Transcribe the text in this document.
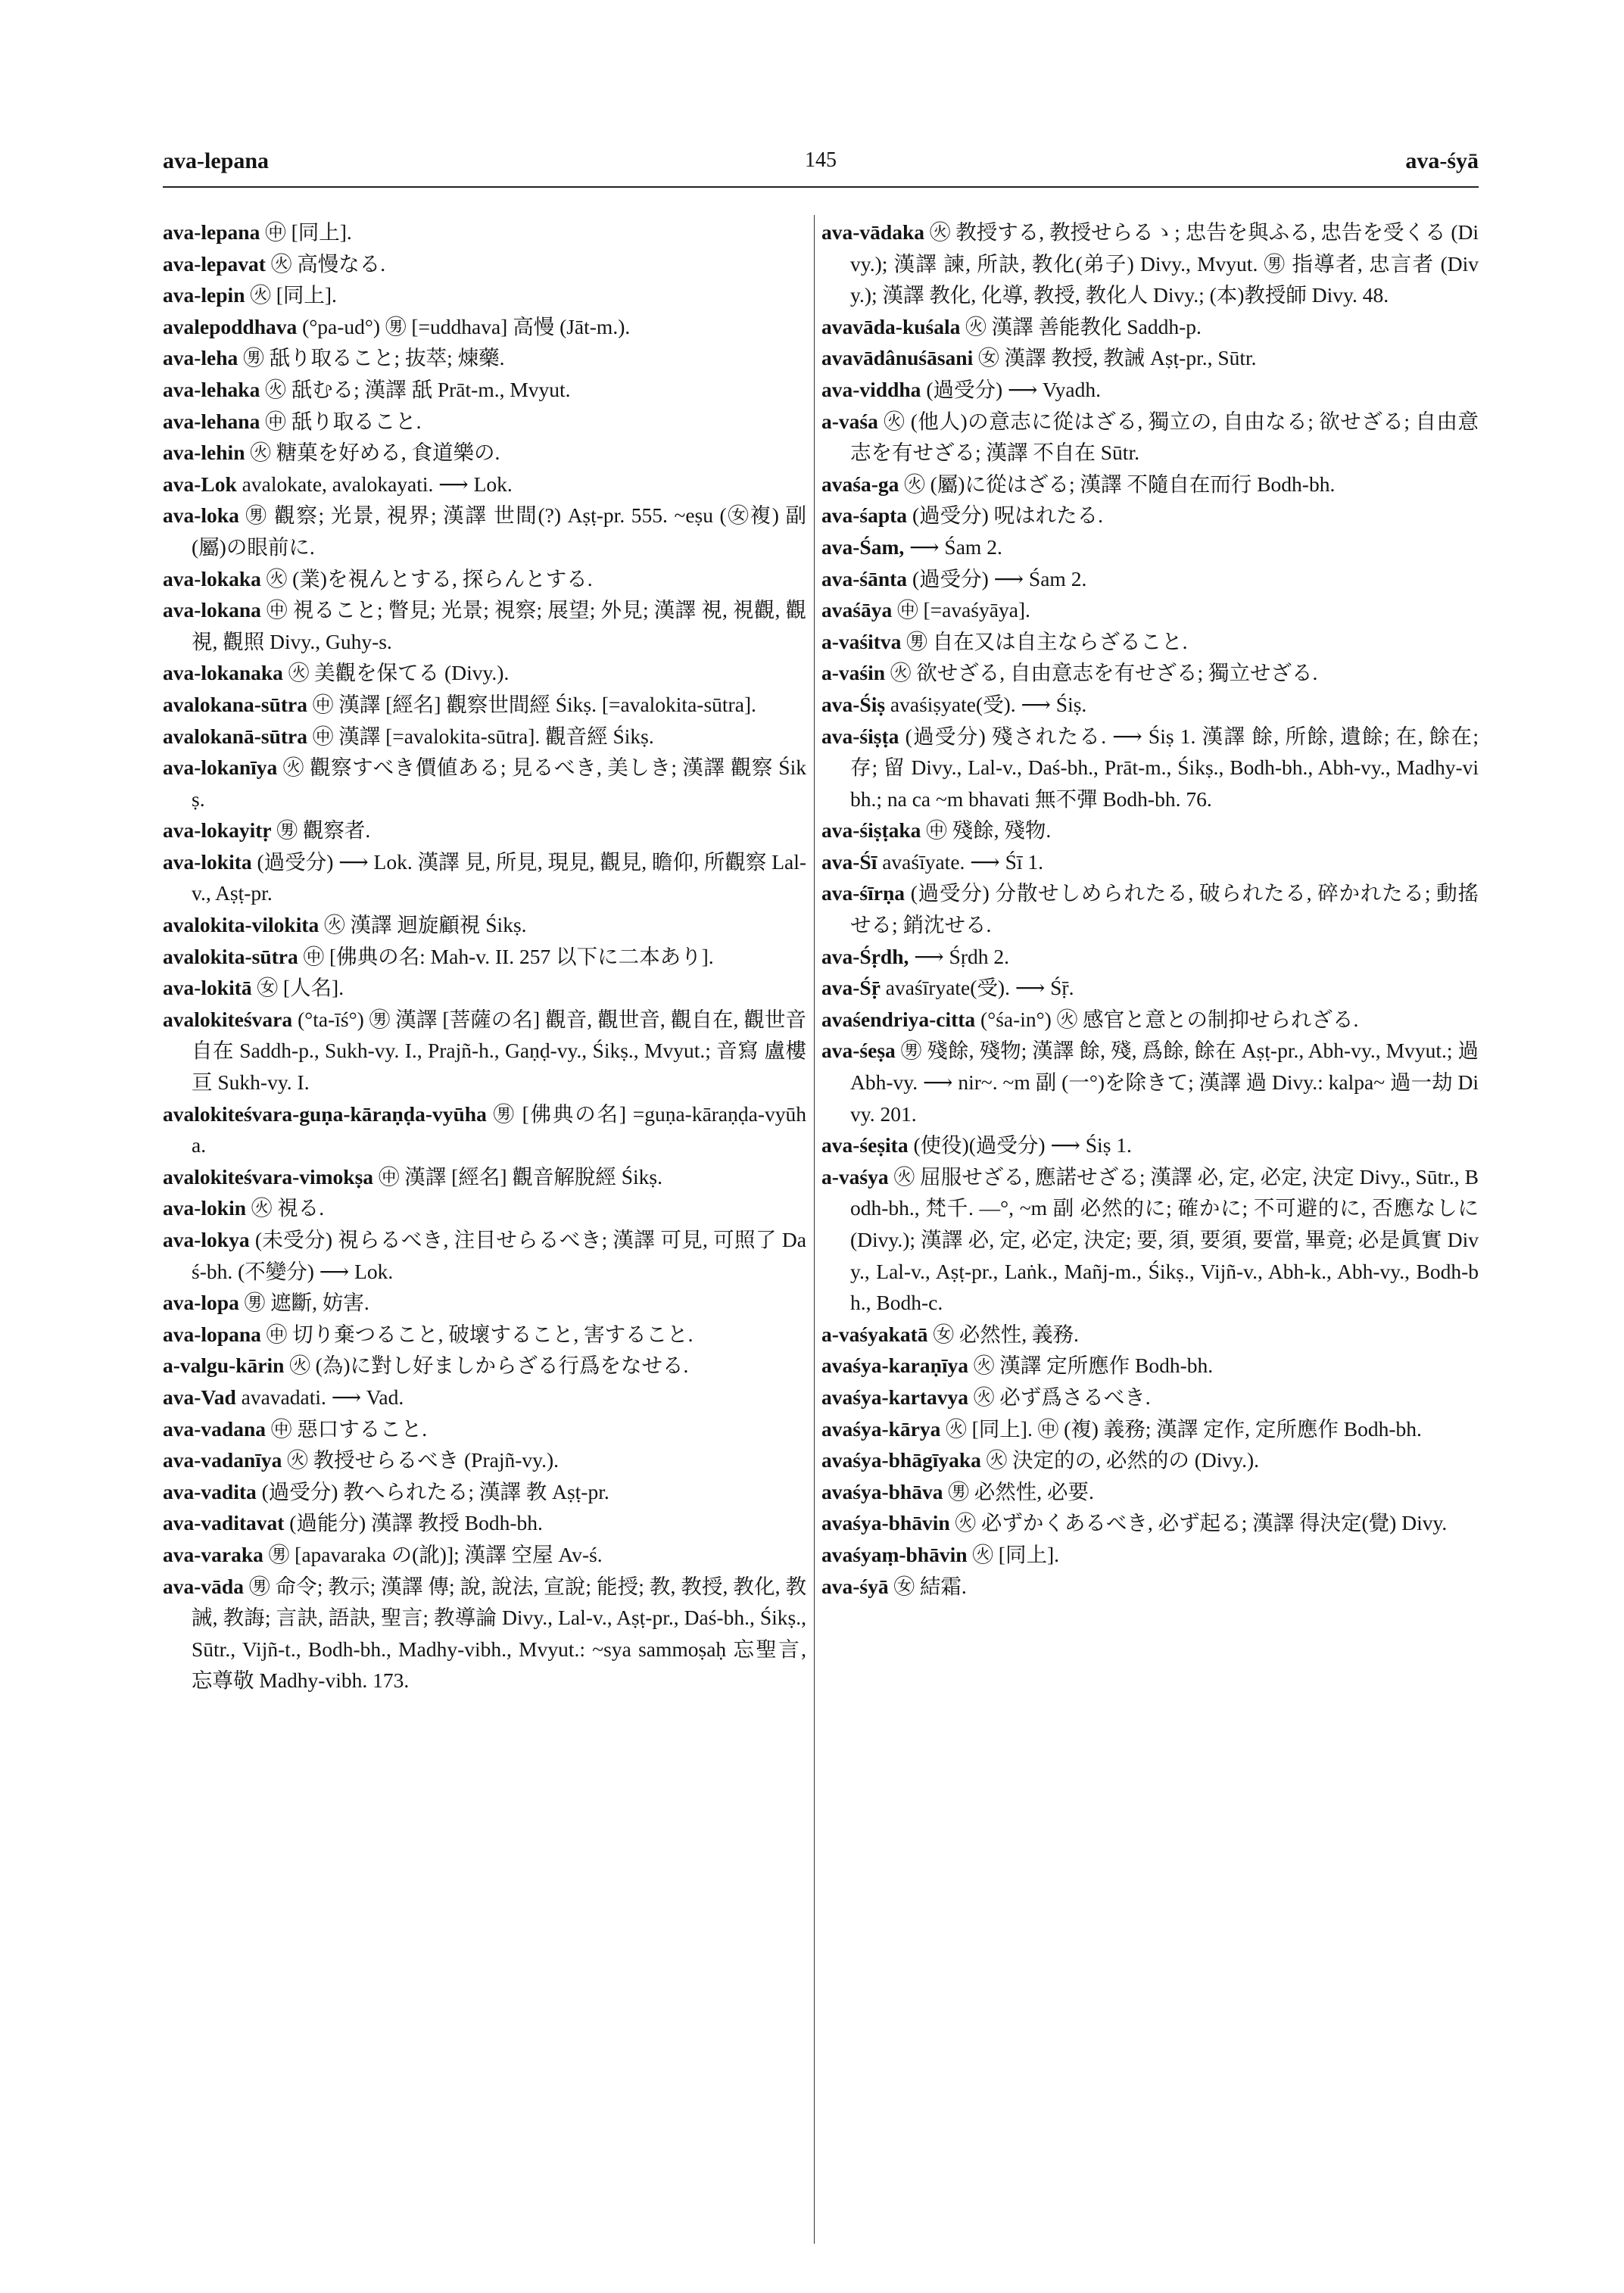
ava-lepana	145	ava-śyā

ava-lepana ㊥ [同上].

ava-lepavat ㊋ 高慢なる.

ava-lepin ㊋ [同上].

avalepoddhava (°pa-ud°) ㊚ [=uddhava] 高慢 (Jāt-m.).

ava-leha ㊚ 舐り取ること; 抜萃; 煉藥.

ava-lehaka ㊋ 舐むる; 漢譯 舐 Prāt-m., Mvyut.

ava-lehana ㊥ 舐り取ること.

ava-lehin ㊋ 糖菓を好める, 食道樂の.

ava-Lok avalokate, avalokayati. ⟶ Lok.

ava-loka ㊚ 觀察; 光景, 視界; 漢譯 世間(?) Aṣṭ-pr. 555. ~eṣu (㊛複) 副 (屬)の眼前に.

ava-lokaka ㊋ (業)を視んとする, 探らんとする.

ava-lokana ㊥ 視ること; 瞥見; 光景; 視察; 展望; 外見; 漢譯 視, 視觀, 觀視, 觀照 Divy., Guhy-s.

ava-lokanaka ㊋ 美觀を保てる (Divy.).

avalokana-sūtra ㊥ 漢譯 [經名] 觀察世間經 Śikṣ. [=avalokita-sūtra].

avalokanā-sūtra ㊥ 漢譯 [=avalokita-sūtra]. 觀音經 Śikṣ.

ava-lokanīya ㊋ 觀察すべき價値ある; 見るべき, 美しき; 漢譯 觀察 Śikṣ.

ava-lokayitṛ ㊚ 觀察者.

ava-lokita (過受分) ⟶ Lok. 漢譯 見, 所見, 現見, 觀見, 瞻仰, 所觀察 Lal-v., Aṣṭ-pr.

avalokita-vilokita ㊋ 漢譯 迴旋顧視 Śikṣ.

avalokita-sūtra ㊥ [佛典の名: Mah-v. II. 257 以下に二本あり].

ava-lokitā ㊛ [人名].

avalokiteśvara (°ta-īś°) ㊚ 漢譯 [菩薩の名] 觀音, 觀世音, 觀自在, 觀世音自在 Saddh-p., Sukh-vy. I., Prajñ-h., Gaṇḍ-vy., Śikṣ., Mvyut.; 音寫 盧樓亘 Sukh-vy. I.

avalokiteśvara-guṇa-kāraṇḍa-vyūha ㊚ [佛典の名] =guṇa-kāraṇḍa-vyūha.

avalokiteśvara-vimokṣa ㊥ 漢譯 [經名] 觀音解脫經 Śikṣ.

ava-lokin ㊋ 視る.

ava-lokya (未受分) 視らるべき, 注目せらるべき; 漢譯 可見, 可照了 Daś-bh. (不變分) ⟶ Lok.

ava-lopa ㊚ 遮斷, 妨害.

ava-lopana ㊥ 切り棄つること, 破壞すること, 害すること.

a-valgu-kārin ㊋ (為)に對し好ましからざる行爲をなせる.

ava-Vad avavadati. ⟶ Vad.

ava-vadana ㊥ 惡口すること.

ava-vadanīya ㊋ 教授せらるべき (Prajñ-vy.).

ava-vadita (過受分) 教へられたる; 漢譯 教 Aṣṭ-pr.

ava-vaditavat (過能分) 漢譯 教授 Bodh-bh.

ava-varaka ㊚ [apavaraka の(訛)]; 漢譯 空屋 Av-ś.

ava-vāda ㊚ 命令; 教示; 漢譯 傳; 說, 說法, 宣說; 能授; 教, 教授, 教化, 教誡, 教誨; 言訣, 語訣, 聖言; 教導論 Divy., Lal-v., Aṣṭ-pr., Daś-bh., Śikṣ., Sūtr., Vijñ-t., Bodh-bh., Madhy-vibh., Mvyut.: ~sya sammoṣaḥ 忘聖言, 忘尊敬 Madhy-vibh. 173.

ava-vādaka ㊋ 教授する, 教授せらるゝ; 忠告を與ふる, 忠告を受くる (Divy.); 漢譯 諫, 所訣, 教化(弟子) Divy., Mvyut. ㊚ 指導者, 忠言者 (Divy.); 漢譯 教化, 化導, 教授, 教化人 Divy.; (本)教授師 Divy. 48.

avavāda-kuśala ㊋ 漢譯 善能教化 Saddh-p.

avavādânuśāsani ㊛ 漢譯 教授, 教誡 Aṣṭ-pr., Sūtr.

ava-viddha (過受分) ⟶ Vyadh.

a-vaśa ㊋ (他人)の意志に從はざる, 獨立の, 自由なる; 欲せざる; 自由意志を有せざる; 漢譯 不自在 Sūtr.

avaśa-ga ㊋ (屬)に從はざる; 漢譯 不隨自在而行 Bodh-bh.

ava-śapta (過受分) 呪はれたる.

ava-Śam, ⟶ Śam 2.

ava-śānta (過受分) ⟶ Śam 2.

avaśāya ㊥ [=avaśyāya].

a-vaśitva ㊚ 自在又は自主ならざること.

a-vaśin ㊋ 欲せざる, 自由意志を有せざる; 獨立せざる.

ava-Śiṣ avaśiṣyate(受). ⟶ Śiṣ.

ava-śiṣṭa (過受分) 殘されたる. ⟶ Śiṣ 1. 漢譯 餘, 所餘, 遺餘; 在, 餘在; 存; 留 Divy., Lal-v., Daś-bh., Prāt-m., Śikṣ., Bodh-bh., Abh-vy., Madhy-vibh.; na ca ~m bhavati 無不彈 Bodh-bh. 76.

ava-śiṣṭaka ㊥ 殘餘, 殘物.

ava-Śī avaśīyate. ⟶ Śī 1.

ava-śīrṇa (過受分) 分散せしめられたる, 破られたる, 碎かれたる; 動搖せる; 銷沈せる.

ava-Śṛdh, ⟶ Śṛdh 2.

ava-Śṝ avaśīryate(受). ⟶ Śṝ.

avaśendriya-citta (°śa-in°) ㊋ 感官と意との制抑せられざる.

ava-śeṣa ㊚ 殘餘, 殘物; 漢譯 餘, 殘, 爲餘, 餘在 Aṣṭ-pr., Abh-vy., Mvyut.; 過 Abh-vy. ⟶ nir~. ~m 副 (一°)を除きて; 漢譯 過 Divy.: kalpa~ 過一劫 Divy. 201.

ava-śeṣita (使役)(過受分) ⟶ Śiṣ 1.

a-vaśya ㊋ 屈服せざる, 應諾せざる; 漢譯 必, 定, 必定, 決定 Divy., Sūtr., Bodh-bh., 梵千. —°, ~m 副 必然的に; 確かに; 不可避的に, 否應なしに(Divy.); 漢譯 必, 定, 必定, 決定; 要, 須, 要須, 要當, 畢竟; 必是眞實 Divy., Lal-v., Aṣṭ-pr., Laṅk., Mañj-m., Śikṣ., Vijñ-v., Abh-k., Abh-vy., Bodh-bh., Bodh-c.

a-vaśyakatā ㊛ 必然性, 義務.

avaśya-karaṇīya ㊋ 漢譯 定所應作 Bodh-bh.

avaśya-kartavya ㊋ 必ず爲さるべき.

avaśya-kārya ㊋ [同上]. ㊥ (複) 義務; 漢譯 定作, 定所應作 Bodh-bh.

avaśya-bhāgīyaka ㊋ 決定的の, 必然的の (Divy.).

avaśya-bhāva ㊚ 必然性, 必要.

avaśya-bhāvin ㊋ 必ずかくあるべき, 必ず起る; 漢譯 得決定(覺) Divy.

avaśyaṃ-bhāvin ㊋ [同上].

ava-śyā ㊛ 結霜.
